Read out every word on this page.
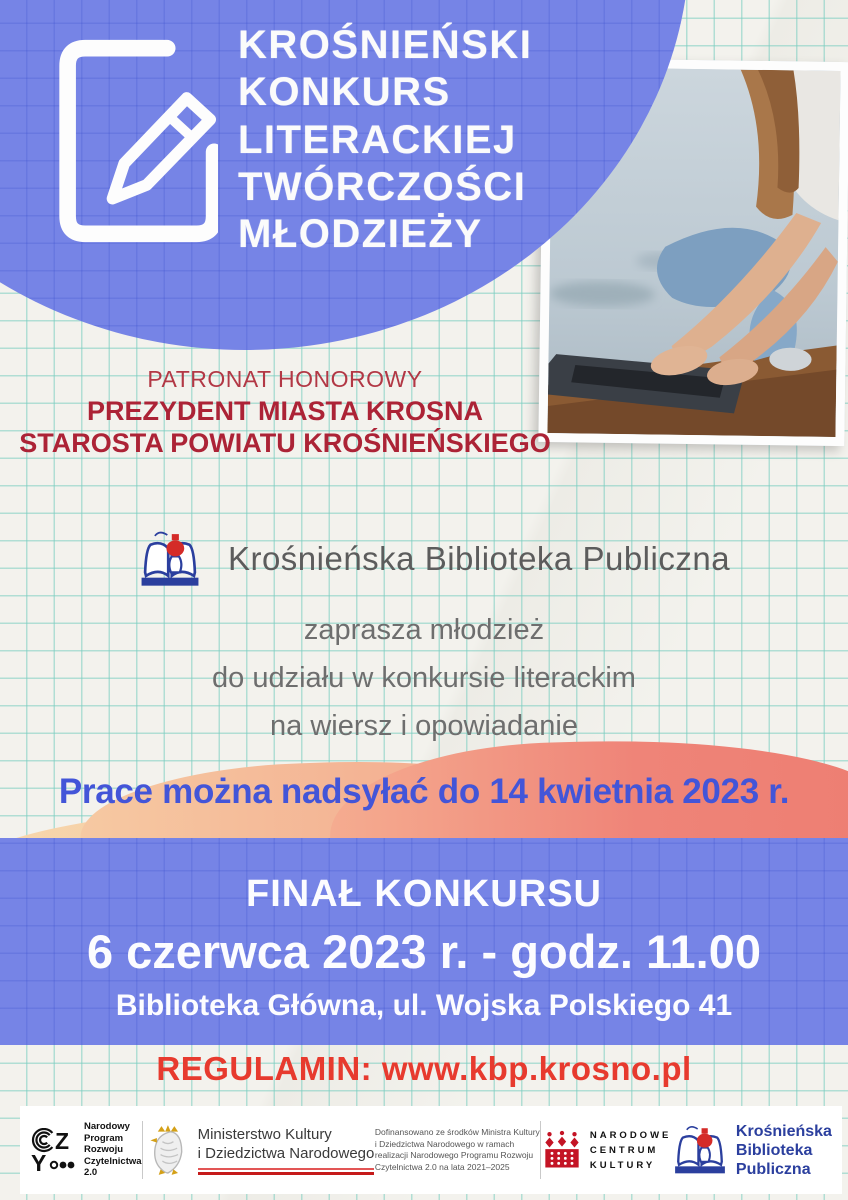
KROŚNIEŃSKI
KONKURS
LITERACKIEJ
TWÓRCZOŚCI
MŁODZIEŻY
PATRONAT HONOROWY
PREZYDENT MIASTA KROSNA
STAROSTA POWIATU KROŚNIEŃSKIEGO
Krośnieńska Biblioteka Publiczna
zaprasza młodzież
do udziału w konkursie literackim
na wiersz i opowiadanie
Prace można nadsyłać do 14 kwietnia 2023 r.
FINAŁ KONKURSU
6 czerwca 2023 r. - godz. 11.00
Biblioteka Główna, ul. Wojska Polskiego 41
REGULAMIN: www.kbp.krosno.pl
Z
Y
Narodowy
Program
Rozwoju
Czytelnictwa
2.0
Ministerstwo Kultury
i Dziedzictwa Narodowego
Dofinansowano ze środków Ministra Kultury
i Dziedzictwa Narodowego w ramach
realizacji Narodowego Programu Rozwoju
Czytelnictwa 2.0 na lata 2021–2025
NARODOWE
CENTRUM
KULTURY
Krośnieńska
Biblioteka
Publiczna
